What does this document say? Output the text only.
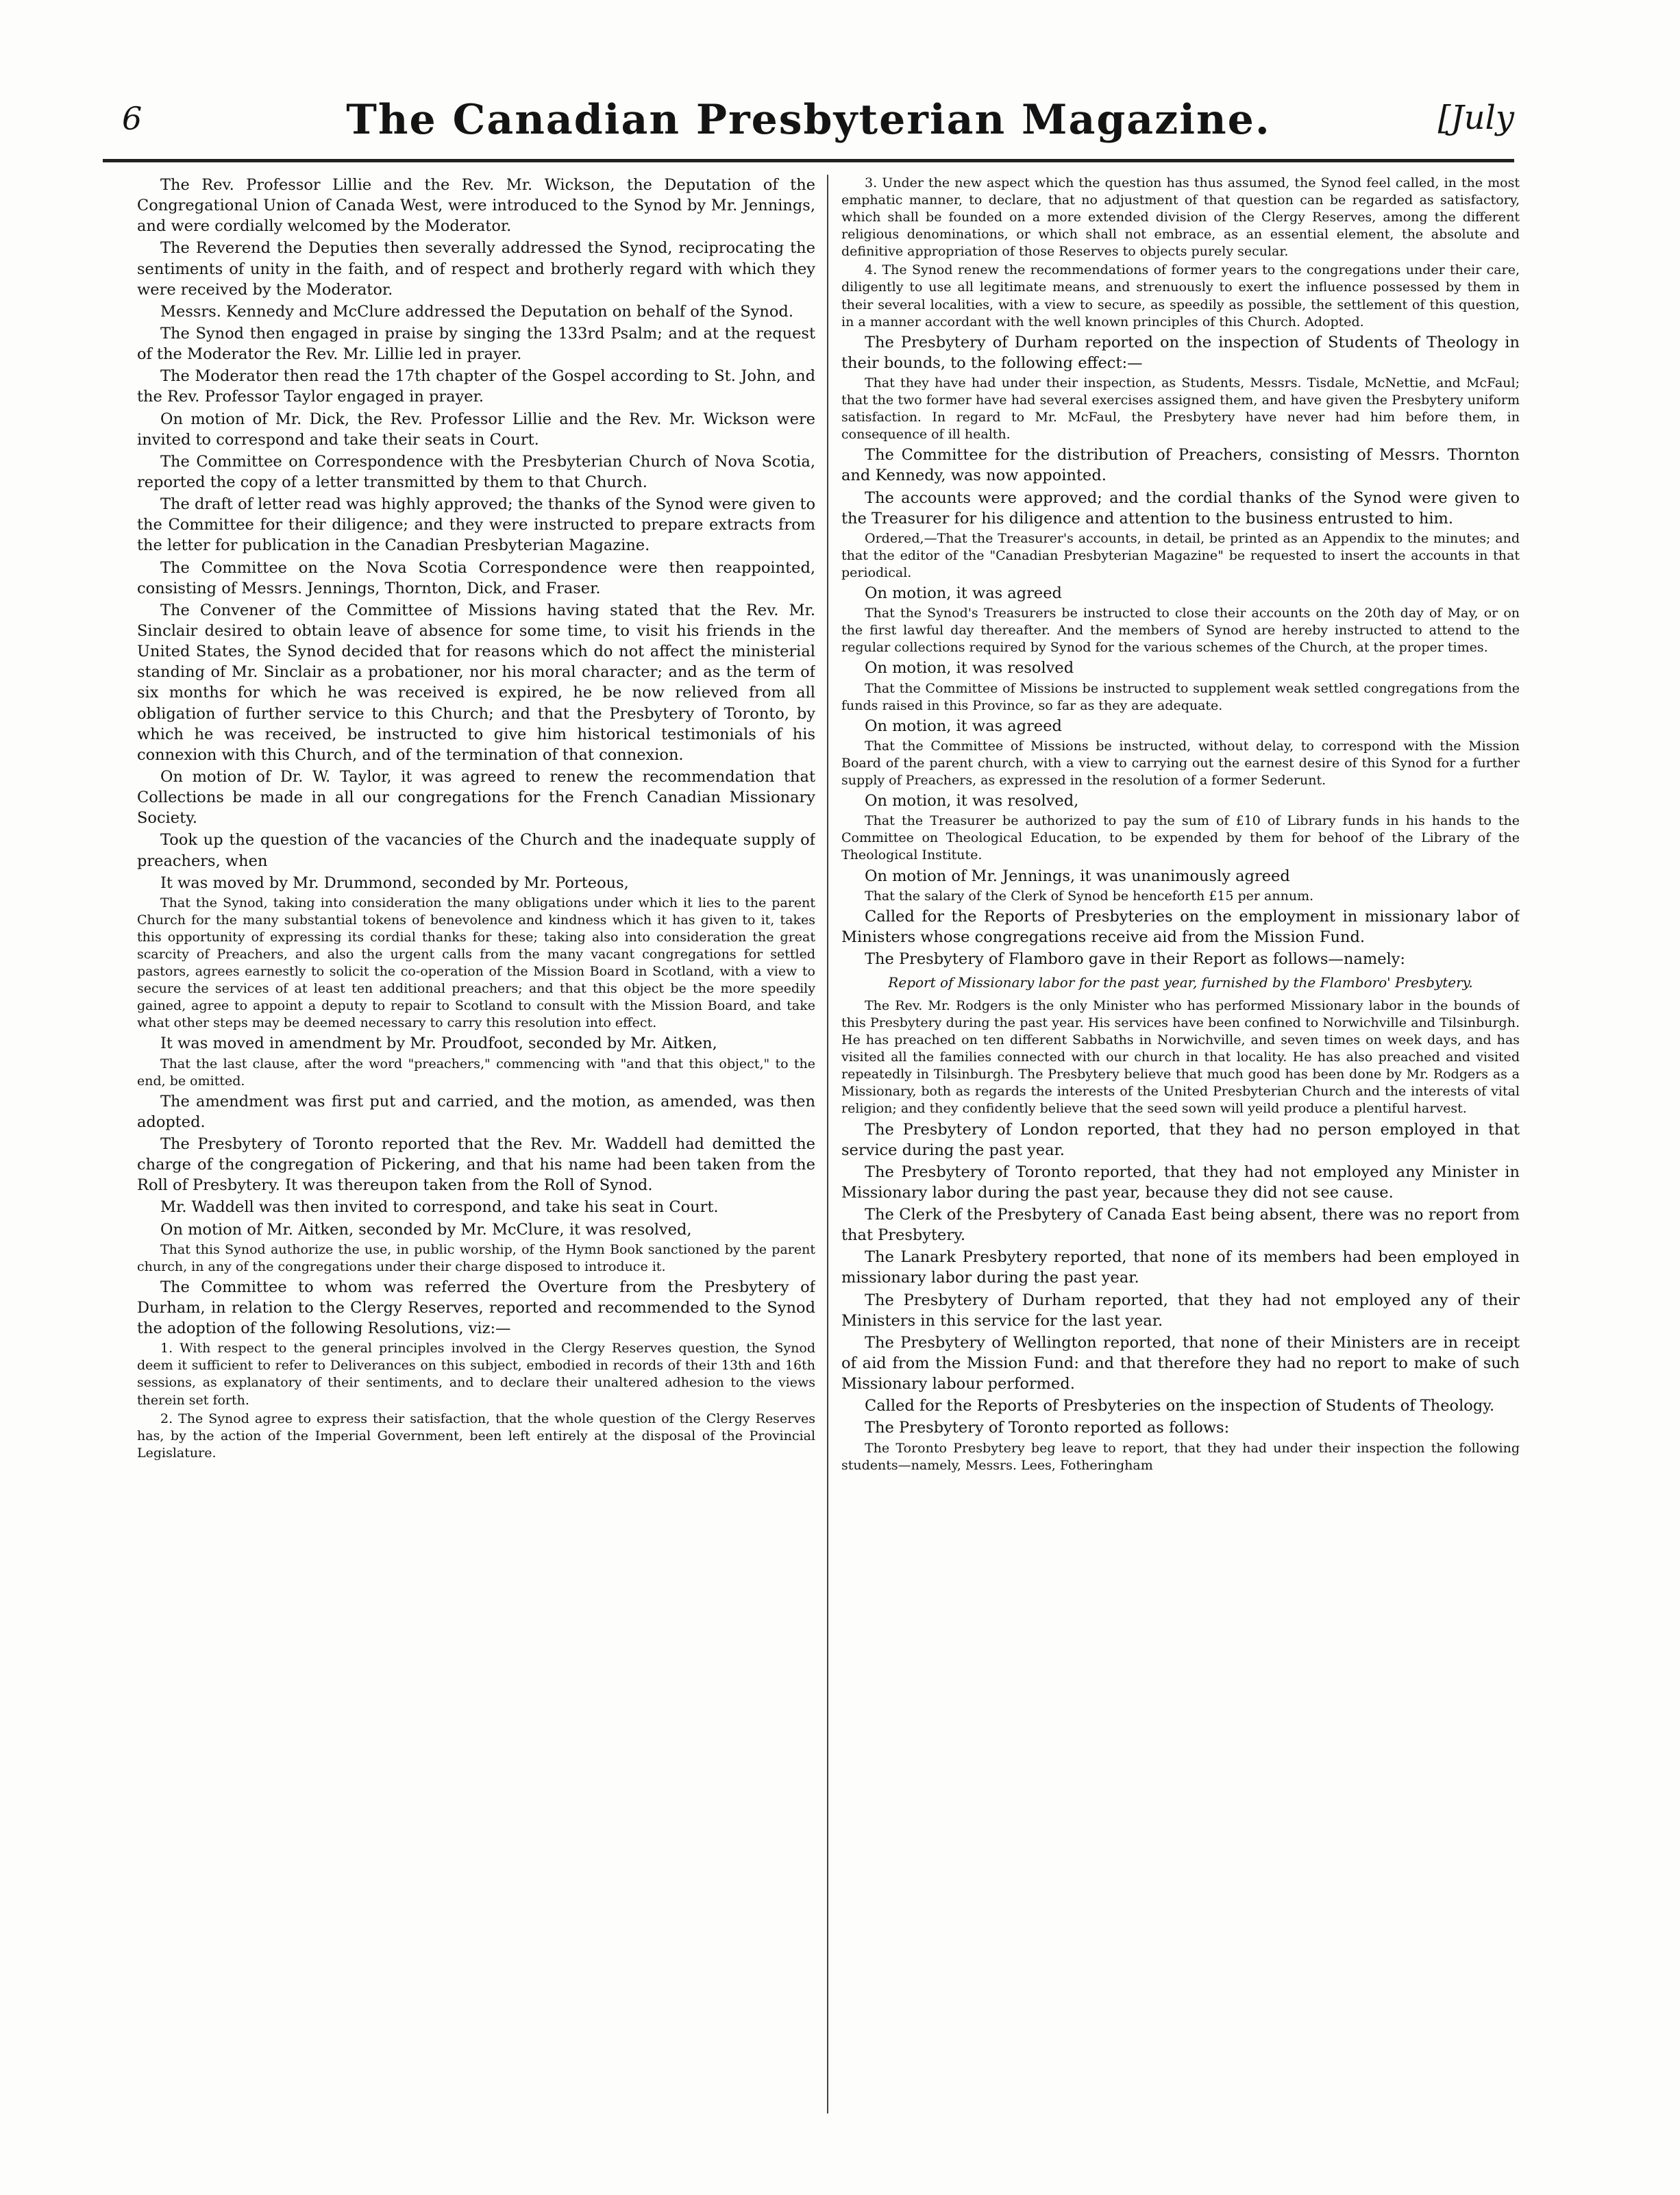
6	The Canadian Presbyterian Magazine.	[July

The Rev. Professor Lillie and the Rev. Mr. Wickson, the Deputation of the Congregational Union of Canada West, were introduced to the Synod by Mr. Jennings, and were cordially welcomed by the Moderator.

The Reverend the Deputies then severally addressed the Synod, reciprocating the sentiments of unity in the faith, and of respect and brotherly regard with which they were received by the Moderator.

Messrs. Kennedy and McClure addressed the Deputation on behalf of the Synod.

The Synod then engaged in praise by singing the 133rd Psalm; and at the request of the Moderator the Rev. Mr. Lillie led in prayer.

The Moderator then read the 17th chapter of the Gospel according to St. John, and the Rev. Professor Taylor engaged in prayer.

On motion of Mr. Dick, the Rev. Professor Lillie and the Rev. Mr. Wickson were invited to correspond and take their seats in Court.

The Committee on Correspondence with the Presbyterian Church of Nova Scotia, reported the copy of a letter transmitted by them to that Church.

The draft of letter read was highly approved; the thanks of the Synod were given to the Committee for their diligence; and they were instructed to prepare extracts from the letter for publication in the Canadian Presbyterian Magazine.

The Committee on the Nova Scotia Correspondence were then reappointed, consisting of Messrs. Jennings, Thornton, Dick, and Fraser.

The Convener of the Committee of Missions having stated that the Rev. Mr. Sinclair desired to obtain leave of absence for some time, to visit his friends in the United States, the Synod decided that for reasons which do not affect the ministerial standing of Mr. Sinclair as a probationer, nor his moral character; and as the term of six months for which he was received is expired, he be now relieved from all obligation of further service to this Church; and that the Presbytery of Toronto, by which he was received, be instructed to give him historical testimonials of his connexion with this Church, and of the termination of that connexion.

On motion of Dr. W. Taylor, it was agreed to renew the recommendation that Collections be made in all our congregations for the French Canadian Missionary Society.

Took up the question of the vacancies of the Church and the inadequate supply of preachers, when

It was moved by Mr. Drummond, seconded by Mr. Porteous,

That the Synod, taking into consideration the many obligations under which it lies to the parent Church for the many substantial tokens of benevolence and kindness which it has given to it, takes this opportunity of expressing its cordial thanks for these; taking also into consideration the great scarcity of Preachers, and also the urgent calls from the many vacant congregations for settled pastors, agrees earnestly to solicit the co-operation of the Mission Board in Scotland, with a view to secure the services of at least ten additional preachers; and that this object be the more speedily gained, agree to appoint a deputy to repair to Scotland to consult with the Mission Board, and take what other steps may be deemed necessary to carry this resolution into effect.

It was moved in amendment by Mr. Proudfoot, seconded by Mr. Aitken,

That the last clause, after the word "preachers," commencing with "and that this object," to the end, be omitted.

The amendment was first put and carried, and the motion, as amended, was then adopted.

The Presbytery of Toronto reported that the Rev. Mr. Waddell had demitted the charge of the congregation of Pickering, and that his name had been taken from the Roll of Presbytery. It was thereupon taken from the Roll of Synod.

Mr. Waddell was then invited to correspond, and take his seat in Court.

On motion of Mr. Aitken, seconded by Mr. McClure, it was resolved,

That this Synod authorize the use, in public worship, of the Hymn Book sanctioned by the parent church, in any of the congregations under their charge disposed to introduce it.

The Committee to whom was referred the Overture from the Presbytery of Durham, in relation to the Clergy Reserves, reported and recommended to the Synod the adoption of the following Resolutions, viz:—

1. With respect to the general principles involved in the Clergy Reserves question, the Synod deem it sufficient to refer to Deliverances on this subject, embodied in records of their 13th and 16th sessions, as explanatory of their sentiments, and to declare their unaltered adhesion to the views therein set forth.

2. The Synod agree to express their satisfaction, that the whole question of the Clergy Reserves has, by the action of the Imperial Government, been left entirely at the disposal of the Provincial Legislature.

3. Under the new aspect which the question has thus assumed, the Synod feel called, in the most emphatic manner, to declare, that no adjustment of that question can be regarded as satisfactory, which shall be founded on a more extended division of the Clergy Reserves, among the different religious denominations, or which shall not embrace, as an essential element, the absolute and definitive appropriation of those Reserves to objects purely secular.

4. The Synod renew the recommendations of former years to the congregations under their care, diligently to use all legitimate means, and strenuously to exert the influence possessed by them in their several localities, with a view to secure, as speedily as possible, the settlement of this question, in a manner accordant with the well known principles of this Church. Adopted.

The Presbytery of Durham reported on the inspection of Students of Theology in their bounds, to the following effect:—

That they have had under their inspection, as Students, Messrs. Tisdale, McNettie, and McFaul; that the two former have had several exercises assigned them, and have given the Presbytery uniform satisfaction. In regard to Mr. McFaul, the Presbytery have never had him before them, in consequence of ill health.

The Committee for the distribution of Preachers, consisting of Messrs. Thornton and Kennedy, was now appointed.

The accounts were approved; and the cordial thanks of the Synod were given to the Treasurer for his diligence and attention to the business entrusted to him.

Ordered,—That the Treasurer's accounts, in detail, be printed as an Appendix to the minutes; and that the editor of the "Canadian Presbyterian Magazine" be requested to insert the accounts in that periodical.

On motion, it was agreed

That the Synod's Treasurers be instructed to close their accounts on the 20th day of May, or on the first lawful day thereafter. And the members of Synod are hereby instructed to attend to the regular collections required by Synod for the various schemes of the Church, at the proper times.

On motion, it was resolved

That the Committee of Missions be instructed to supplement weak settled congregations from the funds raised in this Province, so far as they are adequate.

On motion, it was agreed

That the Committee of Missions be instructed, without delay, to correspond with the Mission Board of the parent church, with a view to carrying out the earnest desire of this Synod for a further supply of Preachers, as expressed in the resolution of a former Sederunt.

On motion, it was resolved,

That the Treasurer be authorized to pay the sum of £10 of Library funds in his hands to the Committee on Theological Education, to be expended by them for behoof of the Library of the Theological Institute.

On motion of Mr. Jennings, it was unanimously agreed

That the salary of the Clerk of Synod be henceforth £15 per annum.

Called for the Reports of Presbyteries on the employment in missionary labor of Ministers whose congregations receive aid from the Mission Fund.

The Presbytery of Flamboro gave in their Report as follows—namely:

Report of Missionary labor for the past year, furnished by the Flamboro' Presbytery.

The Rev. Mr. Rodgers is the only Minister who has performed Missionary labor in the bounds of this Presbytery during the past year. His services have been confined to Norwichville and Tilsinburgh. He has preached on ten different Sabbaths in Norwichville, and seven times on week days, and has visited all the families connected with our church in that locality. He has also preached and visited repeatedly in Tilsinburgh. The Presbytery believe that much good has been done by Mr. Rodgers as a Missionary, both as regards the interests of the United Presbyterian Church and the interests of vital religion; and they confidently believe that the seed sown will yeild produce a plentiful harvest.

The Presbytery of London reported, that they had no person employed in that service during the past year.

The Presbytery of Toronto reported, that they had not employed any Minister in Missionary labor during the past year, because they did not see cause.

The Clerk of the Presbytery of Canada East being absent, there was no report from that Presbytery.

The Lanark Presbytery reported, that none of its members had been employed in missionary labor during the past year.

The Presbytery of Durham reported, that they had not employed any of their Ministers in this service for the last year.

The Presbytery of Wellington reported, that none of their Ministers are in receipt of aid from the Mission Fund: and that therefore they had no report to make of such Missionary labour performed.

Called for the Reports of Presbyteries on the inspection of Students of Theology.

The Presbytery of Toronto reported as follows:

The Toronto Presbytery beg leave to report, that they had under their inspection the following students—namely, Messrs. Lees, Fotheringham
